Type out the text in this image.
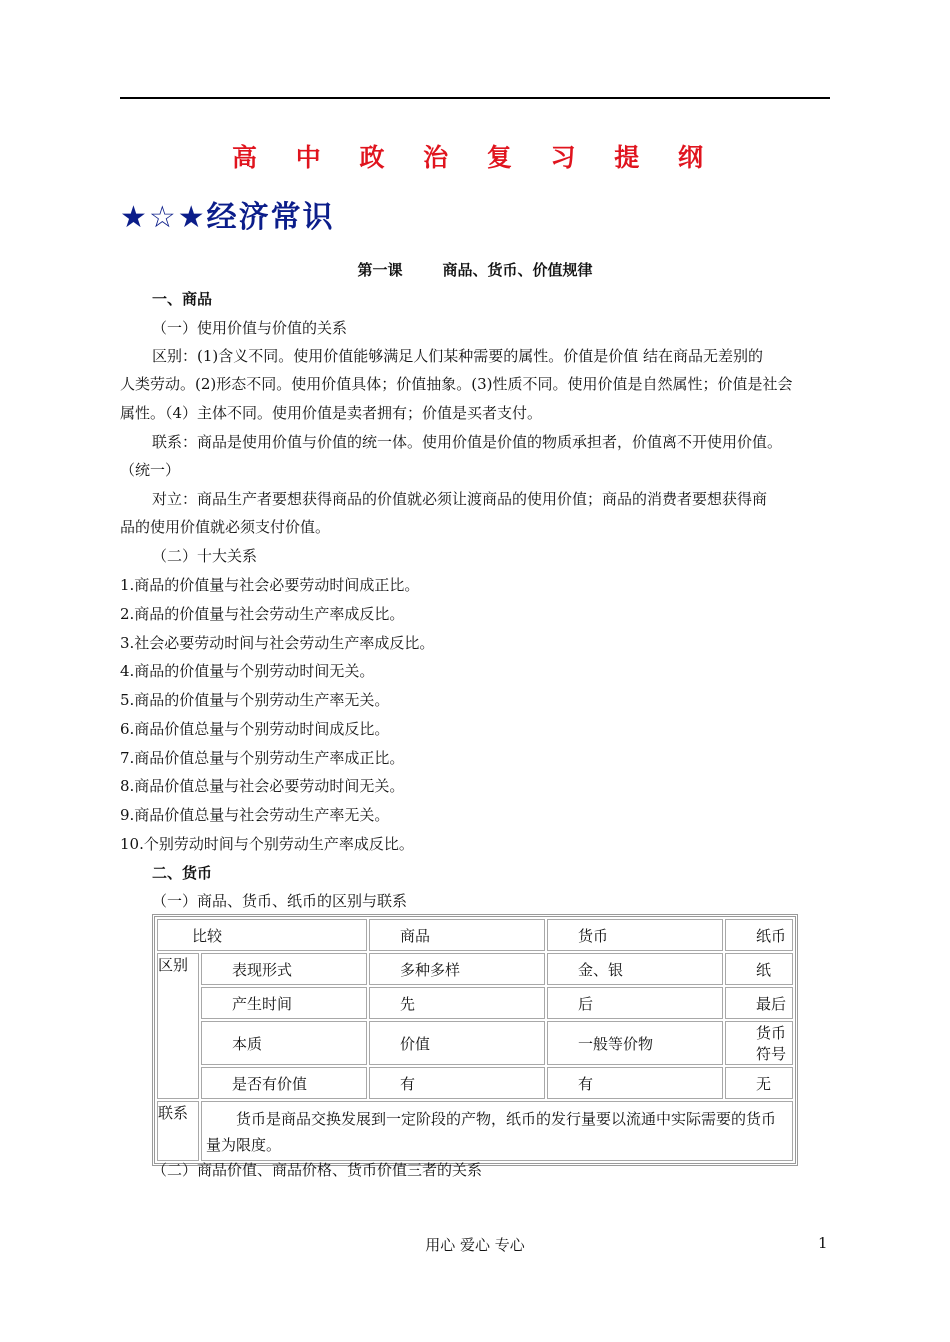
高 中 政 治 复 习 提 纲
★☆★经济常识
第一课	商品、货币、价值规律
一、商品
（一）使用价值与价值的关系
区别：(1)含义不同。使用价值能够满足人们某种需要的属性。价值是价值 结在商品无差别的
人类劳动。(2)形态不同。使用价值具体；价值抽象。(3)性质不同。使用价值是自然属性；价值是社会
属性。（4）主体不同。使用价值是卖者拥有；价值是买者支付。
联系：商品是使用价值与价值的统一体。使用价值是价值的物质承担者，价值离不开使用价值。
（统一）
对立：商品生产者要想获得商品的价值就必须让渡商品的使用价值；商品的消费者要想获得商
品的使用价值就必须支付价值。
（二）十大关系
1.商品的价值量与社会必要劳动时间成正比。
2.商品的价值量与社会劳动生产率成反比。
3.社会必要劳动时间与社会劳动生产率成反比。
4.商品的价值量与个别劳动时间无关。
5.商品的价值量与个别劳动生产率无关。
6.商品价值总量与个别劳动时间成反比。
7.商品价值总量与个别劳动生产率成正比。
8.商品价值总量与社会必要劳动时间无关。
9.商品价值总量与社会劳动生产率无关。
10.个别劳动时间与个别劳动生产率成反比。
二、货币
（一）商品、货币、纸币的区别与联系
比较		商品	货币	纸币
区别	表现形式	多种多样	金、银	纸
	产生时间	先	后	最后
	本质	价值	一般等价物	货币符号
	是否有价值	有	有	无
联系	货币是商品交换发展到一定阶段的产物，纸币的发行量要以流通中实际需要的货币量为限度。			
（二）商品价值、商品价格、货币价值三者的关系
用心 爱心 专心	1
